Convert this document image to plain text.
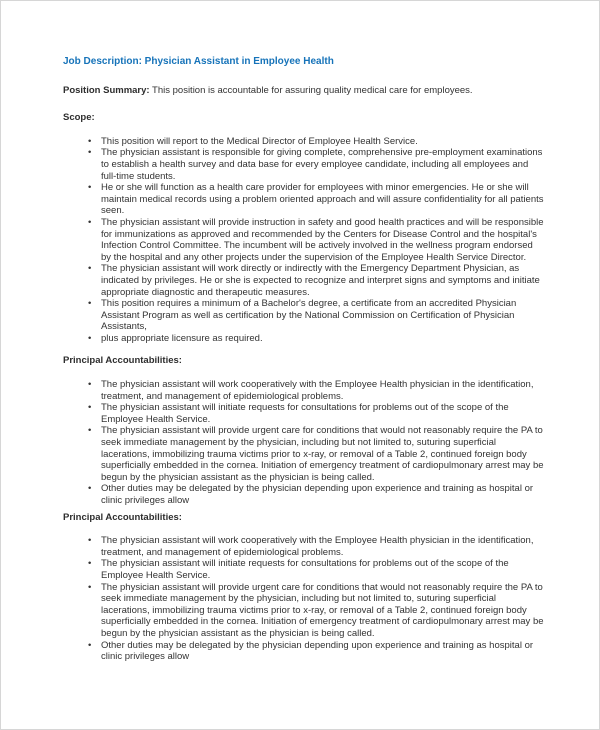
Job Description: Physician Assistant in Employee Health

Position Summary: This position is accountable for assuring quality medical care for employees.

Scope:
• This position will report to the Medical Director of Employee Health Service.
• The physician assistant is responsible for giving complete, comprehensive pre-employment examinations to establish a health survey and data base for every employee candidate, including all employees and full-time students.
• He or she will function as a health care provider for employees with minor emergencies. He or she will maintain medical records using a problem oriented approach and will assure confidentiality for all patients seen.
• The physician assistant will provide instruction in safety and good health practices and will be responsible for immunizations as approved and recommended by the Centers for Disease Control and the hospital's Infection Control Committee. The incumbent will be actively involved in the wellness program endorsed by the hospital and any other projects under the supervision of the Employee Health Service Director.
• The physician assistant will work directly or indirectly with the Emergency Department Physician, as indicated by privileges. He or she is expected to recognize and interpret signs and symptoms and initiate appropriate diagnostic and therapeutic measures.
• This position requires a minimum of a Bachelor's degree, a certificate from an accredited Physician Assistant Program as well as certification by the National Commission on Certification of Physician Assistants,
• plus appropriate licensure as required.
Principal Accountabilities:
• The physician assistant will work cooperatively with the Employee Health physician in the identification, treatment, and management of epidemiological problems.
• The physician assistant will initiate requests for consultations for problems out of the scope of the Employee Health Service.
• The physician assistant will provide urgent care for conditions that would not reasonably require the PA to seek immediate management by the physician, including but not limited to, suturing superficial lacerations, immobilizing trauma victims prior to x-ray, or removal of a Table 2, continued foreign body superficially embedded in the cornea. Initiation of emergency treatment of cardiopulmonary arrest may be begun by the physician assistant as the physician is being called.
• Other duties may be delegated by the physician depending upon experience and training as hospital or clinic privileges allow
Principal Accountabilities:
• The physician assistant will work cooperatively with the Employee Health physician in the identification, treatment, and management of epidemiological problems.
• The physician assistant will initiate requests for consultations for problems out of the scope of the Employee Health Service.
• The physician assistant will provide urgent care for conditions that would not reasonably require the PA to seek immediate management by the physician, including but not limited to, suturing superficial lacerations, immobilizing trauma victims prior to x-ray, or removal of a Table 2, continued foreign body superficially embedded in the cornea. Initiation of emergency treatment of cardiopulmonary arrest may be begun by the physician assistant as the physician is being called.
• Other duties may be delegated by the physician depending upon experience and training as hospital or clinic privileges allow
